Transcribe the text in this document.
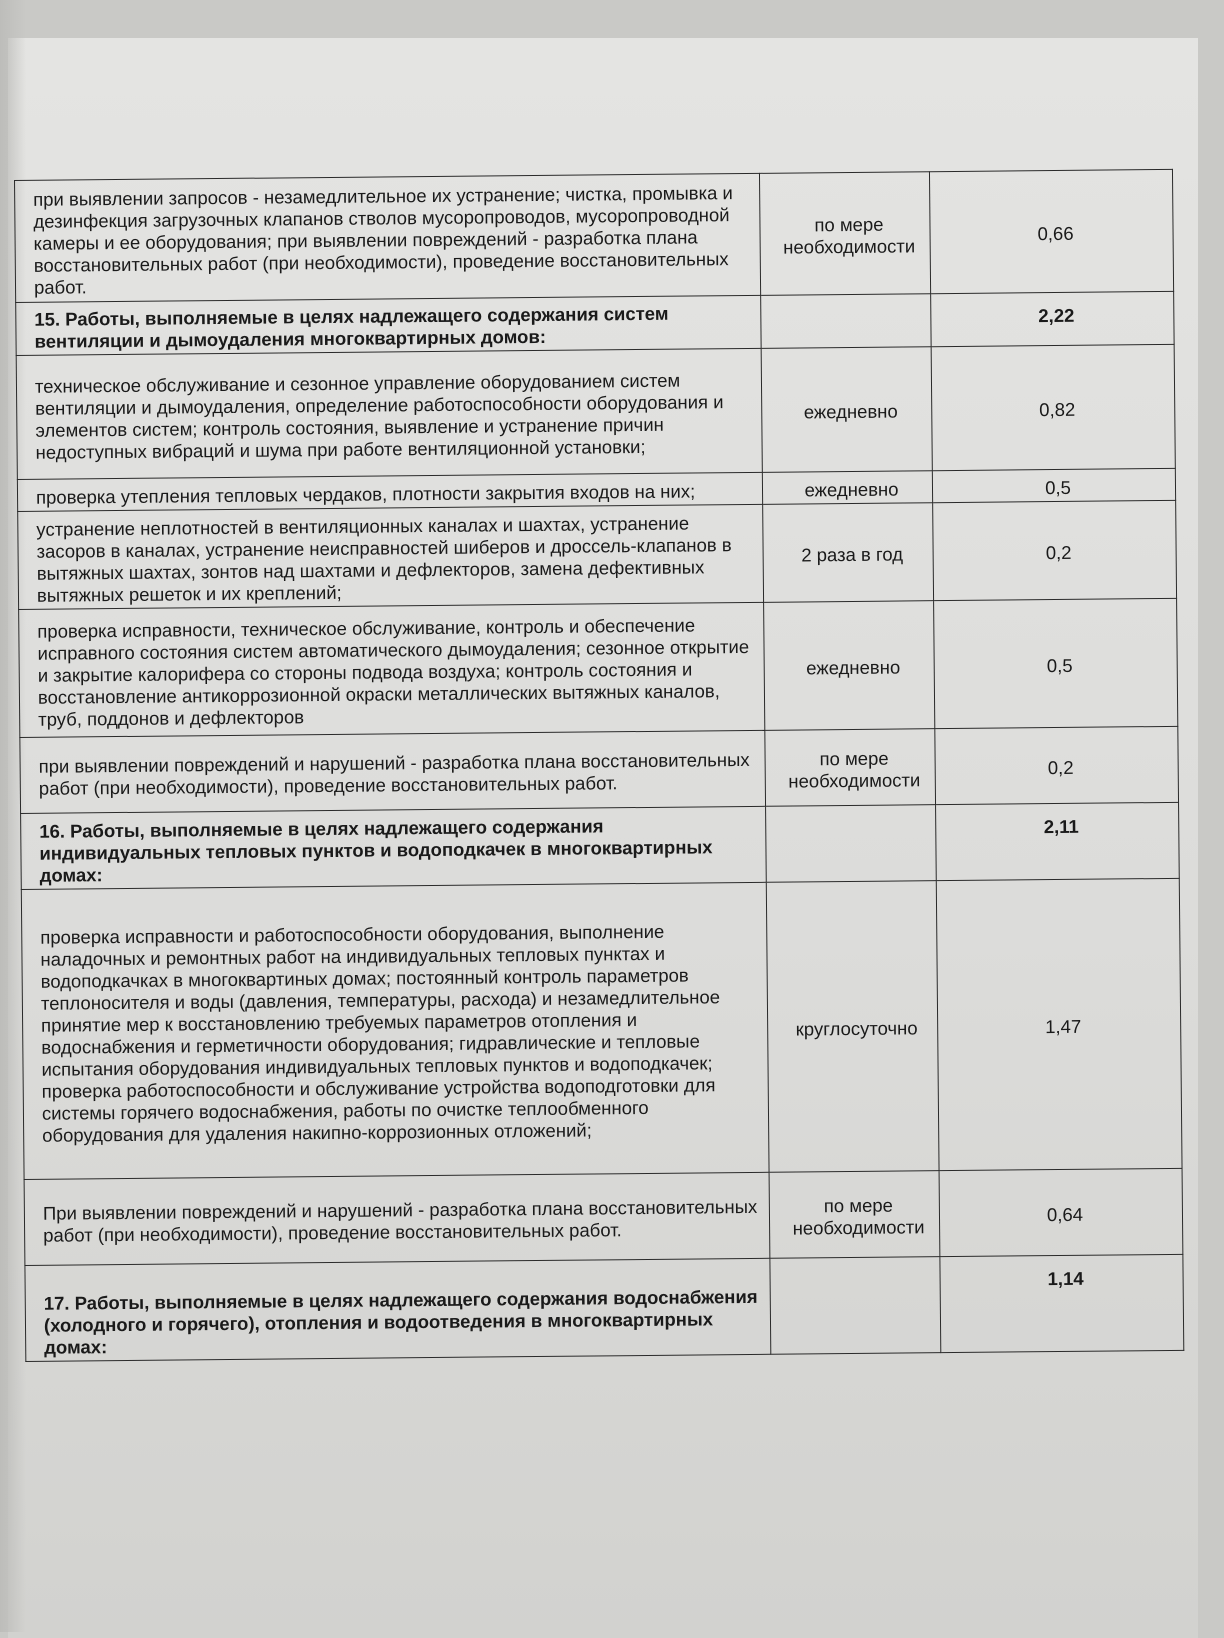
при выявлении запросов - незамедлительное их устранение; чистка, промывка и дезинфекция загрузочных клапанов стволов мусоропроводов, мусоропроводной камеры и ее оборудования; при выявлении повреждений - разработка плана восстановительных работ (при необходимости), проведение восстановительных работ.	по мере необходимости	0,66
15. Работы, выполняемые в целях надлежащего содержания систем вентиляции и дымоудаления многоквартирных домов:		2,22
техническое обслуживание и сезонное управление оборудованием систем вентиляции и дымоудаления, определение работоспособности оборудования и элементов систем; контроль состояния, выявление и устранение причин недоступных вибраций и шума при работе вентиляционной установки;	ежедневно	0,82
проверка утепления тепловых чердаков, плотности закрытия входов на них;	ежедневно	0,5
устранение неплотностей в вентиляционных каналах и шахтах, устранение засоров в каналах, устранение неисправностей шиберов и дроссель-клапанов в вытяжных шахтах, зонтов над шахтами и дефлекторов, замена дефективных вытяжных решеток и их креплений;	2 раза в год	0,2
проверка исправности, техническое обслуживание, контроль и обеспечение исправного состояния систем автоматического дымоудаления; сезонное открытие и закрытие калорифера со стороны подвода воздуха; контроль состояния и восстановление антикоррозионной окраски металлических вытяжных каналов, труб, поддонов и дефлекторов	ежедневно	0,5
при выявлении повреждений и нарушений - разработка плана восстановительных работ (при необходимости), проведение восстановительных работ.	по мере необходимости	0,2
16. Работы, выполняемые в целях надлежащего содержания индивидуальных тепловых пунктов и водоподкачек в многоквартирных домах:		2,11
проверка исправности и работоспособности оборудования, выполнение наладочных и ремонтных работ на индивидуальных тепловых пунктах и водоподкачках в многоквартиных домах; постоянный контроль параметров теплоносителя и воды (давления, температуры, расхода) и незамедлительное принятие мер к восстановлению требуемых параметров отопления и водоснабжения и герметичности оборудования; гидравлические и тепловые испытания оборудования индивидуальных тепловых пунктов и водоподкачек; проверка работоспособности и обслуживание устройства водоподготовки для системы горячего водоснабжения, работы по очистке теплообменного оборудования для удаления накипно-коррозионных отложений;	круглосуточно	1,47
При выявлении повреждений и нарушений - разработка плана восстановительных работ (при необходимости), проведение восстановительных работ.	по мере необходимости	0,64
17. Работы, выполняемые в целях надлежащего содержания водоснабжения (холодного и горячего), отопления и водоотведения в многоквартирных домах:		1,14
